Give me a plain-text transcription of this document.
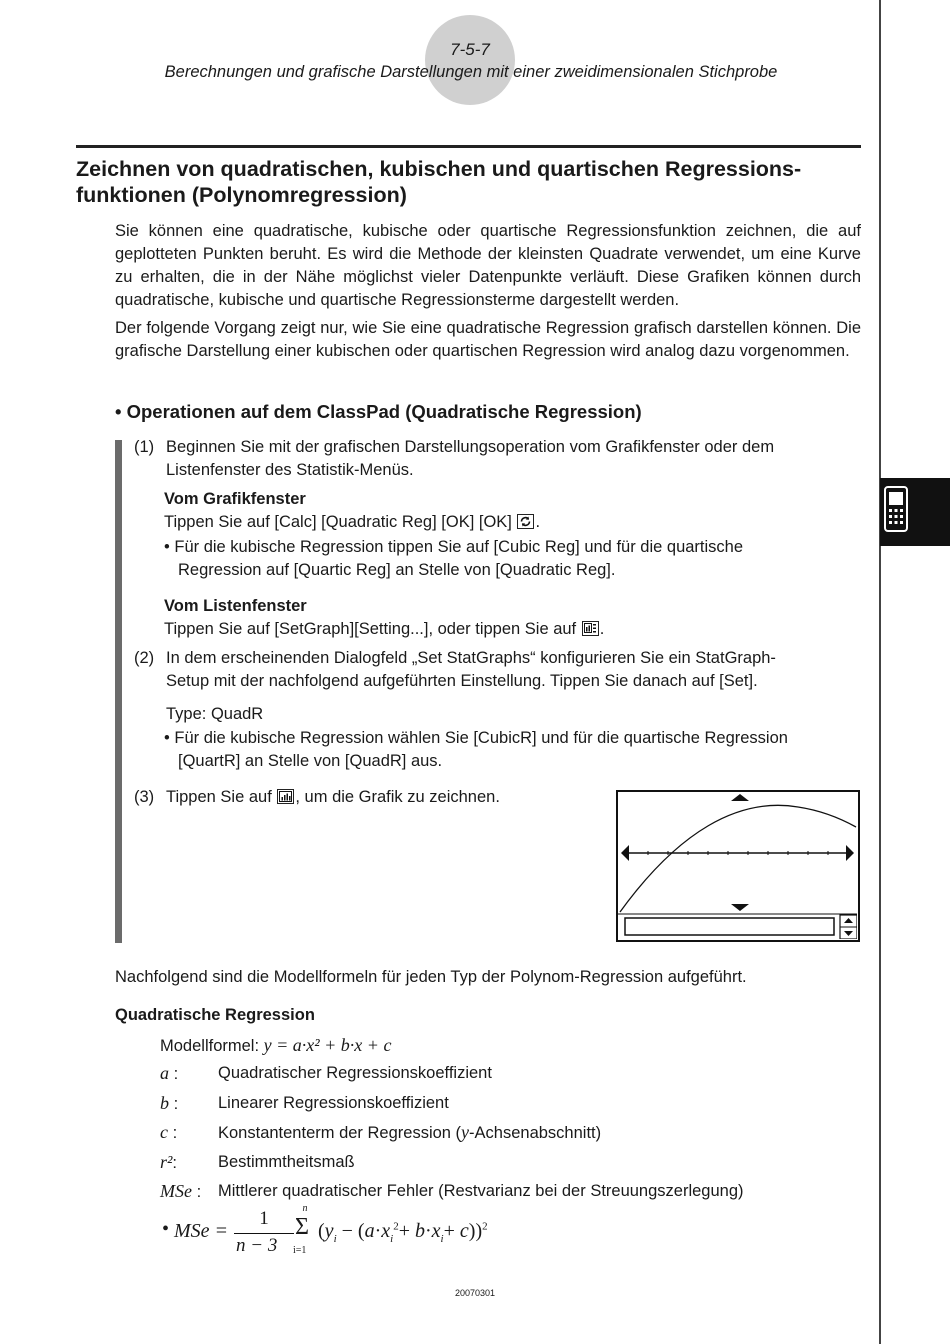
7-5-7
Berechnungen und grafische Darstellungen mit einer zweidimensionalen Stichprobe
Zeichnen von quadratischen, kubischen und quartischen Regressions-
funktionen (Polynomregression)
Sie können eine quadratische, kubische oder quartische Regressionsfunktion zeichnen, die auf geplotteten Punkten beruht. Es wird die Methode der kleinsten Quadrate verwendet, um eine Kurve zu erhalten, die in der Nähe möglichst vieler Datenpunkte verläuft. Diese Grafiken können durch quadratische, kubische und quartische Regressionsterme dargestellt werden.
Der folgende Vorgang zeigt nur, wie Sie eine quadratische Regression grafisch darstellen können. Die grafische Darstellung einer kubischen oder quartischen Regression wird analog dazu vorgenommen.
• Operationen auf dem ClassPad (Quadratische Regression)
(1) Beginnen Sie mit der grafischen Darstellungsoperation vom Grafikfenster oder dem
Listenfenster des Statistik-Menüs.
Vom Grafikfenster
Tippen Sie auf [Calc] [Quadratic Reg] [OK] [OK] .
• Für die kubische Regression tippen Sie auf [Cubic Reg] und für die quartische
Regression auf [Quartic Reg] an Stelle von [Quadratic Reg].
Vom Listenfenster
Tippen Sie auf [SetGraph][Setting...], oder tippen Sie auf .
(2) In dem erscheinenden Dialogfeld „Set StatGraphs“ konfigurieren Sie ein StatGraph-
Setup mit der nachfolgend aufgeführten Einstellung. Tippen Sie danach auf [Set].
Type: QuadR
• Für die kubische Regression wählen Sie [CubicR] und für die quartische Regression
[QuartR] an Stelle von [QuadR] aus.
(3) Tippen Sie auf , um die Grafik zu zeichnen.
Nachfolgend sind die Modellformeln für jeden Typ der Polynom-Regression aufgeführt.
Quadratische Regression
Modellformel: y = a·x² + b·x + c
a : Quadratischer Regressionskoeffizient
b : Linearer Regressionskoeffizient
c : Konstantenterm der Regression (y-Achsenabschnitt)
r²: Bestimmtheitsmaß
MSe : Mittlerer quadratischer Fehler (Restvarianz bei der Streuungszerlegung)
• MSe =
1
n − 3
n
Σ
i=1
$(y_i - (a\cdot x_i^2+ b\cdot x_i+ c))^2$
20070301
